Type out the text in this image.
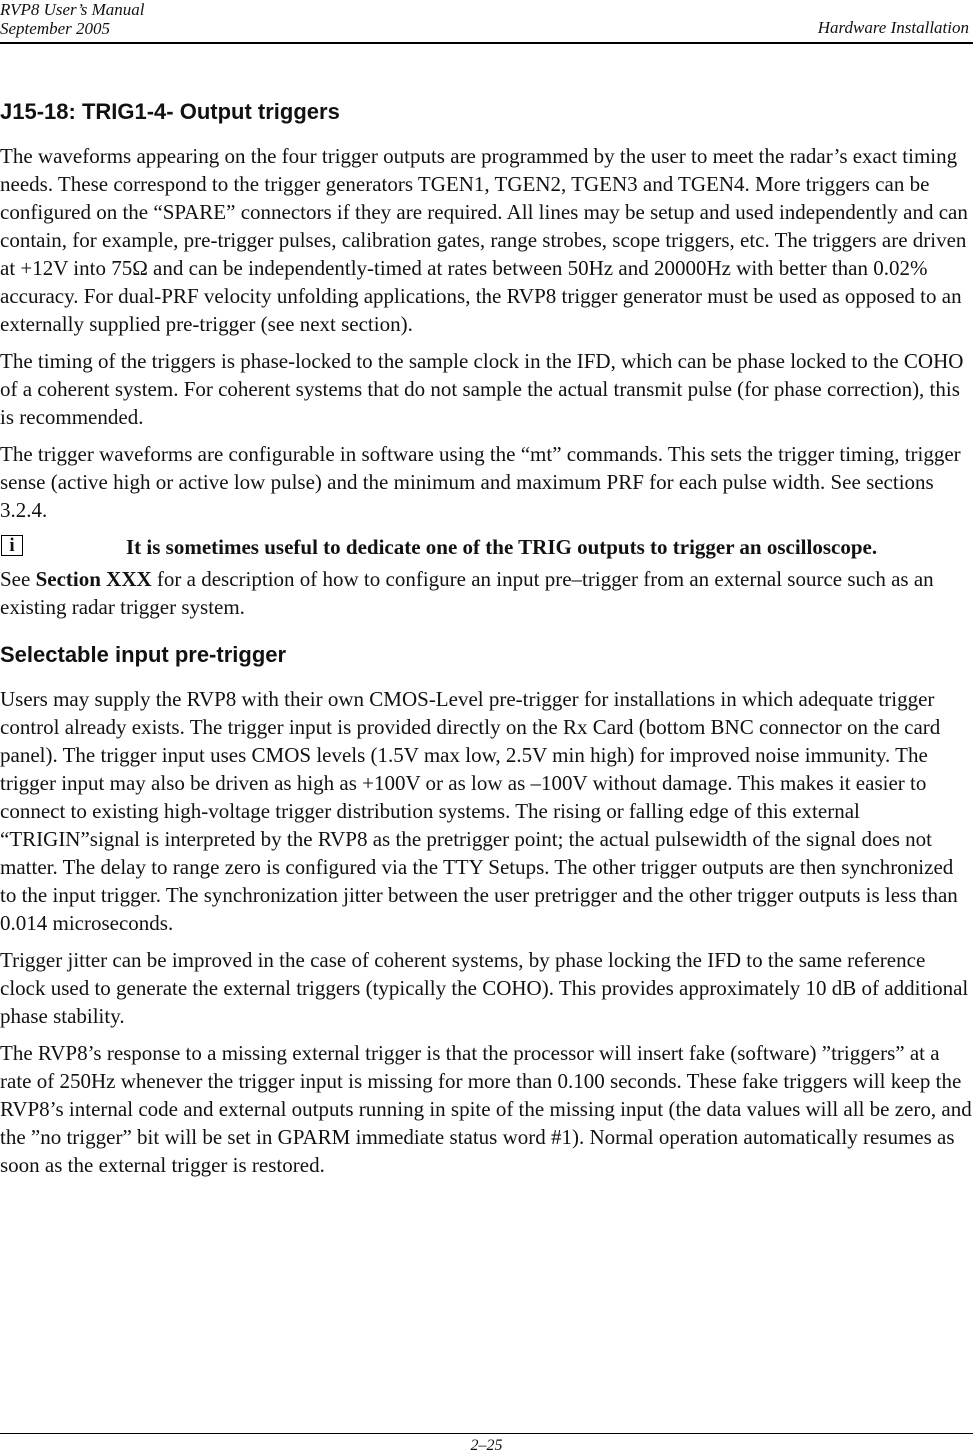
RVP8 User’s Manual
September 2005	Hardware Installation
J15-18: TRIG1-4- Output triggers

The waveforms appearing on the four trigger outputs are programmed by the user to meet the radar’s exact timing needs. These correspond to the trigger generators TGEN1, TGEN2, TGEN3 and TGEN4. More triggers can be configured on the “SPARE” connectors if they are required. All lines may be setup and used independently and can contain, for example, pre-trigger pulses, calibration gates, range strobes, scope triggers, etc. The triggers are driven at +12V into 75Ω and can be independently-timed at rates between 50Hz and 20000Hz with better than 0.02% accuracy. For dual-PRF velocity unfolding applications, the RVP8 trigger generator must be used as opposed to an externally supplied pre-trigger (see next section).

The timing of the triggers is phase-locked to the sample clock in the IFD, which can be phase locked to the COHO of a coherent system. For coherent systems that do not sample the actual transmit pulse (for phase correction), this is recommended.

The trigger waveforms are configurable in software using the “mt” commands. This sets the trigger timing, trigger sense (active high or active low pulse) and the minimum and maximum PRF for each pulse width. See sections 3.2.4.

i	It is sometimes useful to dedicate one of the TRIG outputs to trigger an oscilloscope.

See Section XXX for a description of how to configure an input pre–trigger from an external source such as an existing radar trigger system.

Selectable input pre-trigger

Users may supply the RVP8 with their own CMOS-Level pre-trigger for installations in which adequate trigger control already exists. The trigger input is provided directly on the Rx Card (bottom BNC connector on the card panel). The trigger input uses CMOS levels (1.5V max low, 2.5V min high) for improved noise immunity. The trigger input may also be driven as high as +100V or as low as –100V without damage. This makes it easier to connect to existing high-voltage trigger distribution systems. The rising or falling edge of this external “TRIGIN”signal is interpreted by the RVP8 as the pretrigger point; the actual pulsewidth of the signal does not matter. The delay to range zero is configured via the TTY Setups. The other trigger outputs are then synchronized to the input trigger. The synchronization jitter between the user pretrigger and the other trigger outputs is less than 0.014 microseconds.

Trigger jitter can be improved in the case of coherent systems, by phase locking the IFD to the same reference clock used to generate the external triggers (typically the COHO). This provides approximately 10 dB of additional phase stability.

The RVP8’s response to a missing external trigger is that the processor will insert fake (software) ”triggers” at a rate of 250Hz whenever the trigger input is missing for more than 0.100 seconds. These fake triggers will keep the RVP8’s internal code and external outputs running in spite of the missing input (the data values will all be zero, and the ”no trigger” bit will be set in GPARM immediate status word #1). Normal operation automatically resumes as soon as the external trigger is restored.

2–25
